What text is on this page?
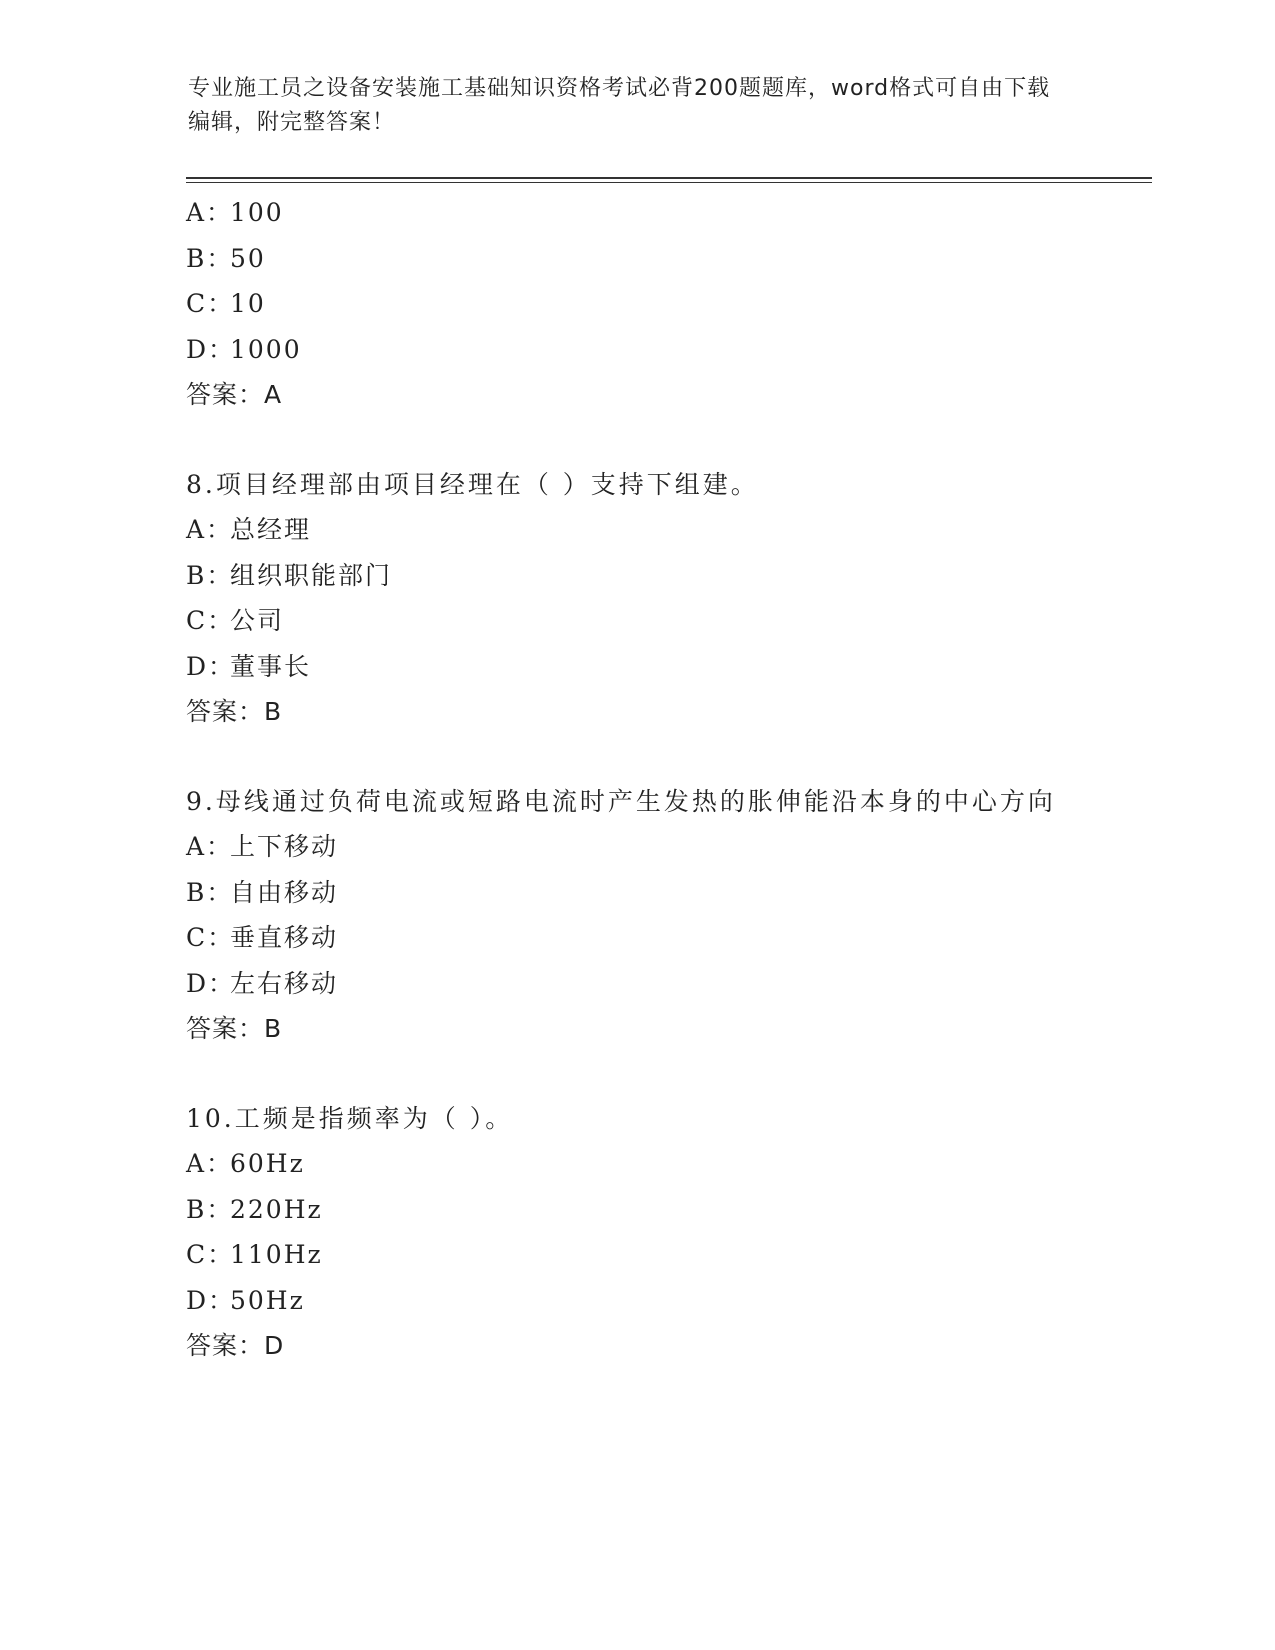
专业施工员之设备安装施工基础知识资格考试必背200题题库，word格式可自由下载编辑，附完整答案！
A：100
B：50
C：10
D：1000
答案：A
8.项目经理部由项目经理在（ ）支持下组建。
A：总经理
B：组织职能部门
C：公司
D：董事长
答案：B
9.母线通过负荷电流或短路电流时产生发热的胀伸能沿本身的中心方向
A：上下移动
B：自由移动
C：垂直移动
D：左右移动
答案：B
10.工频是指频率为（ ）。
A：60Hz
B：220Hz
C：110Hz
D：50Hz
答案：D
